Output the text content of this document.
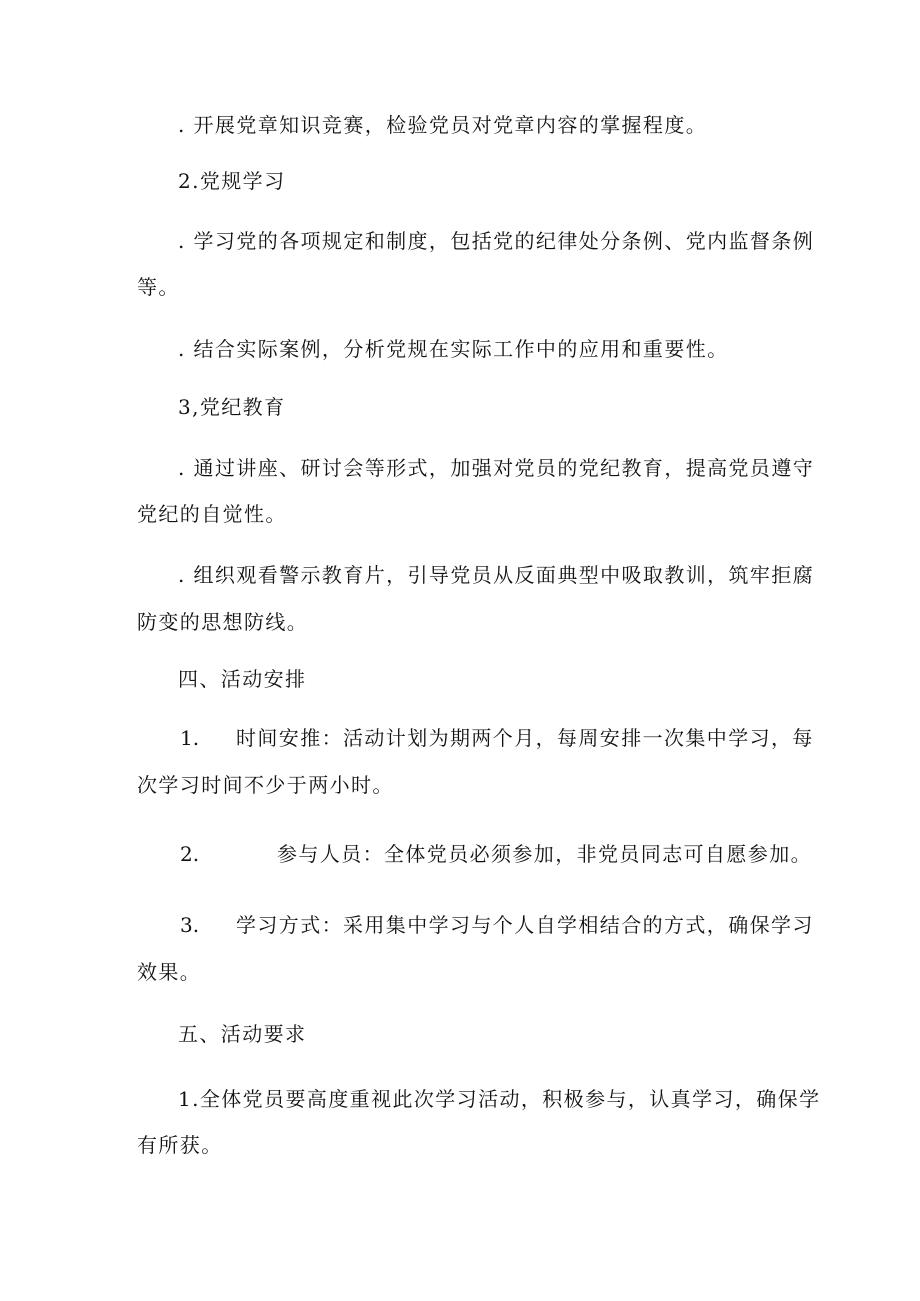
. 开展党章知识竞赛，检验党员对党章内容的掌握程度。
2.党规学习
. 学习党的各项规定和制度，包括党的纪律处分条例、党内监督条例
等。
. 结合实际案例，分析党规在实际工作中的应用和重要性。
3,党纪教育
. 通过讲座、研讨会等形式，加强对党员的党纪教育，提高党员遵守
党纪的自觉性。
. 组织观看警示教育片，引导党员从反面典型中吸取教训，筑牢拒腐
防变的思想防线。
四、活动安排
1. 时间安推：活动计划为期两个月，每周安排一次集中学习，每
次学习时间不少于两小时。
2.	参与人员：全体党员必须参加，非党员同志可自愿参加。
3. 学习方式：采用集中学习与个人自学相结合的方式，确保学习
效果。
五、活动要求
1.全体党员要高度重视此次学习活动，积极参与，认真学习，确保学
有所获。
